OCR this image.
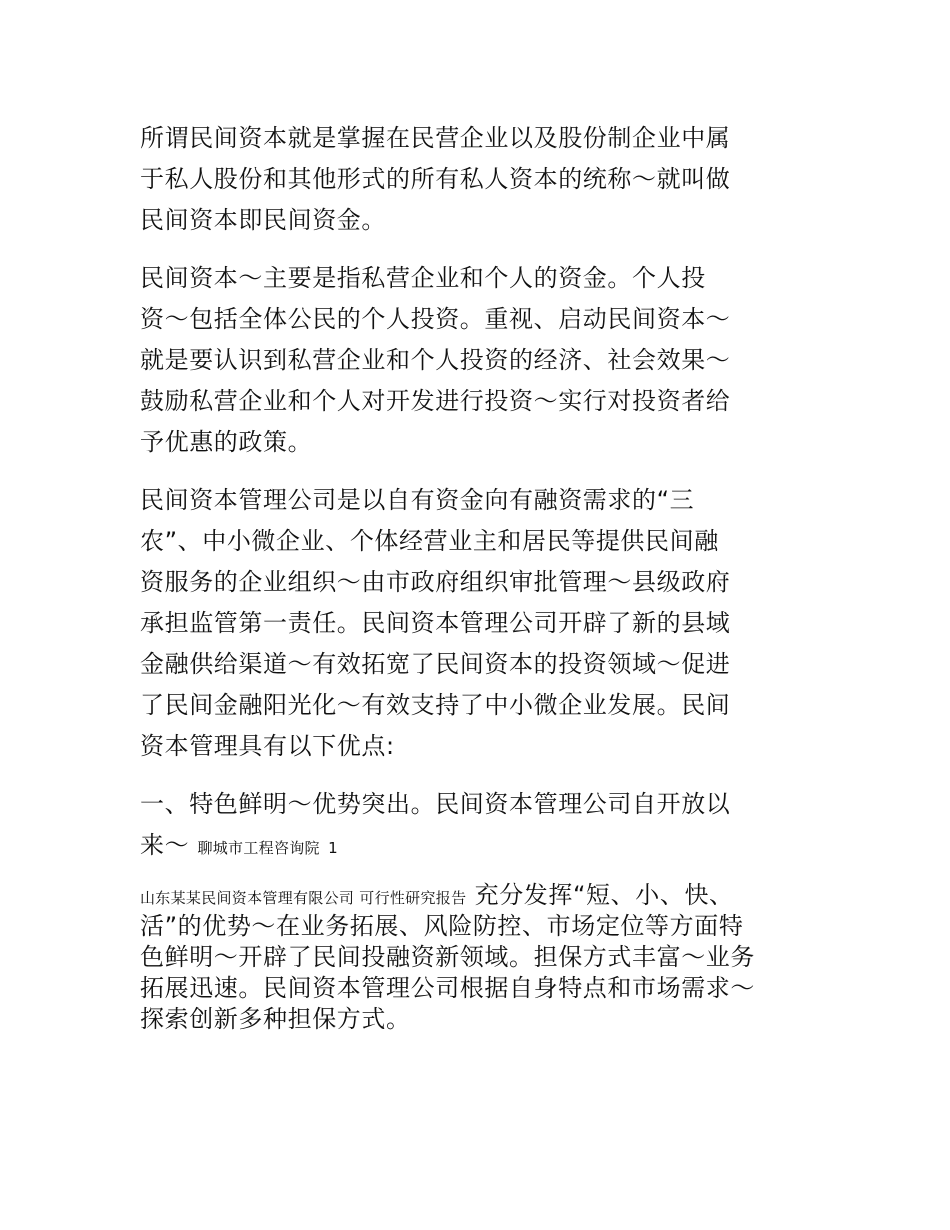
所谓民间资本就是掌握在民营企业以及股份制企业中属
于私人股份和其他形式的所有私人资本的统称～就叫做
民间资本即民间资金。
民间资本～主要是指私营企业和个人的资金。个人投
资～包括全体公民的个人投资。重视、启动民间资本～
就是要认识到私营企业和个人投资的经济、社会效果～
鼓励私营企业和个人对开发进行投资～实行对投资者给
予优惠的政策。
民间资本管理公司是以自有资金向有融资需求的“三
农”、中小微企业、个体经营业主和居民等提供民间融
资服务的企业组织～由市政府组织审批管理～县级政府
承担监管第一责任。民间资本管理公司开辟了新的县域
金融供给渠道～有效拓宽了民间资本的投资领域～促进
了民间金融阳光化～有效支持了中小微企业发展。民间
资本管理具有以下优点:
一、特色鲜明～优势突出。民间资本管理公司自开放以
来～ 聊城市工程咨询院 1
山东某某民间资本管理有限公司 可行性研究报告 充分发挥“短、小、快、
活”的优势～在业务拓展、风险防控、市场定位等方面特
色鲜明～开辟了民间投融资新领域。担保方式丰富～业务
拓展迅速。民间资本管理公司根据自身特点和市场需求～
探索创新多种担保方式。
